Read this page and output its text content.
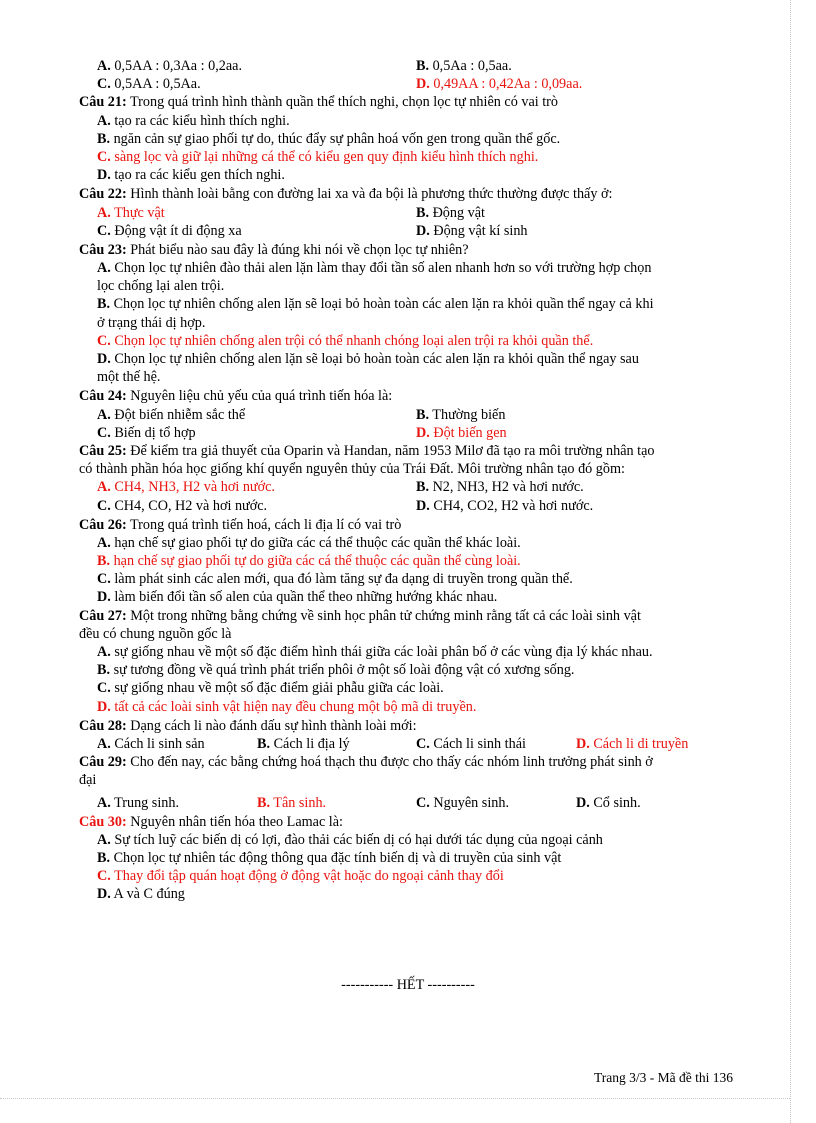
A. 0,5AA : 0,3Aa : 0,2aa.	B. 0,5Aa : 0,5aa.
C. 0,5AA : 0,5Aa.	D. 0,49AA : 0,42Aa : 0,09aa.
Câu 21: Trong quá trình hình thành quần thể thích nghi, chọn lọc tự nhiên có vai trò
A. tạo ra các kiểu hình thích nghi.
B. ngăn cản sự giao phối tự do, thúc đẩy sự phân hoá vốn gen trong quần thể gốc.
C. sàng lọc và giữ lại những cá thể có kiểu gen quy định kiểu hình thích nghi.
D. tạo ra các kiểu gen thích nghi.
Câu 22: Hình thành loài bằng con đường lai xa và đa bội là phương thức thường được thấy ở:
A. Thực vật	B. Động vật
C. Động vật ít di động xa	D. Động vật kí sinh
Câu 23: Phát biểu nào sau đây là đúng khi nói về chọn lọc tự nhiên?
A. Chọn lọc tự nhiên đào thải alen lặn làm thay đổi tần số alen nhanh hơn so với trường hợp chọn
lọc chống lại alen trội.
B. Chọn lọc tự nhiên chống alen lặn sẽ loại bỏ hoàn toàn các alen lặn ra khỏi quần thể ngay cả khi
ở trạng thái dị hợp.
C. Chọn lọc tự nhiên chống alen trội có thể nhanh chóng loại alen trội ra khỏi quần thể.
D. Chọn lọc tự nhiên chống alen lặn sẽ loại bỏ hoàn toàn các alen lặn ra khỏi quần thể ngay sau
một thế hệ.
Câu 24: Nguyên liệu chủ yếu của quá trình tiến hóa là:
A. Đột biến nhiễm sắc thể	B. Thường biến
C. Biến dị tổ hợp	D. Đột biến gen
Câu 25: Để kiểm tra giả thuyết của Oparin và Handan, năm 1953 Milơ đã tạo ra môi trường nhân tạo
có thành phần hóa học giống khí quyển nguyên thủy của Trái Đất. Môi trường nhân tạo đó gồm:
A. CH4, NH3, H2 và hơi nước.	B. N2, NH3, H2 và hơi nước.
C. CH4, CO, H2 và hơi nước.	D. CH4, CO2, H2 và hơi nước.
Câu 26: Trong quá trình tiến hoá, cách li địa lí có vai trò
A. hạn chế sự giao phối tự do giữa các cá thể thuộc các quần thể khác loài.
B. hạn chế sự giao phối tự do giữa các cá thể thuộc các quần thể cùng loài.
C. làm phát sinh các alen mới, qua đó làm tăng sự đa dạng di truyền trong quần thể.
D. làm biến đổi tần số alen của quần thể theo những hướng khác nhau.
Câu 27: Một trong những bằng chứng về sinh học phân tử chứng minh rằng tất cả các loài sinh vật
đều có chung nguồn gốc là
A. sự giống nhau về một số đặc điểm hình thái giữa các loài phân bố ở các vùng địa lý khác nhau.
B. sự tương đồng về quá trình phát triển phôi ở một số loài động vật có xương sống.
C. sự giống nhau về một số đặc điểm giải phẫu giữa các loài.
D. tất cả các loài sinh vật hiện nay đều chung một bộ mã di truyền.
Câu 28: Dạng cách li nào đánh dấu sự hình thành loài mới:
A. Cách li sinh sản	B. Cách li địa lý	C. Cách li sinh thái	D. Cách li di truyền
Câu 29: Cho đến nay, các bằng chứng hoá thạch thu được cho thấy các nhóm linh trưởng phát sinh ở
đại
A. Trung sinh.	B. Tân sinh.	C. Nguyên sinh.	D. Cổ sinh.
Câu 30: Nguyên nhân tiến hóa theo Lamac là:
A. Sự tích luỹ các biến dị có lợi, đào thải các biến dị có hại dưới tác dụng của ngoại cảnh
B. Chọn lọc tự nhiên tác động thông qua đặc tính biến dị và di truyền của sinh vật
C. Thay đổi tập quán hoạt động ở động vật hoặc do ngoại cảnh thay đổi
D. A và C đúng
----------- HẾT ----------
Trang 3/3 - Mã đề thi 136
